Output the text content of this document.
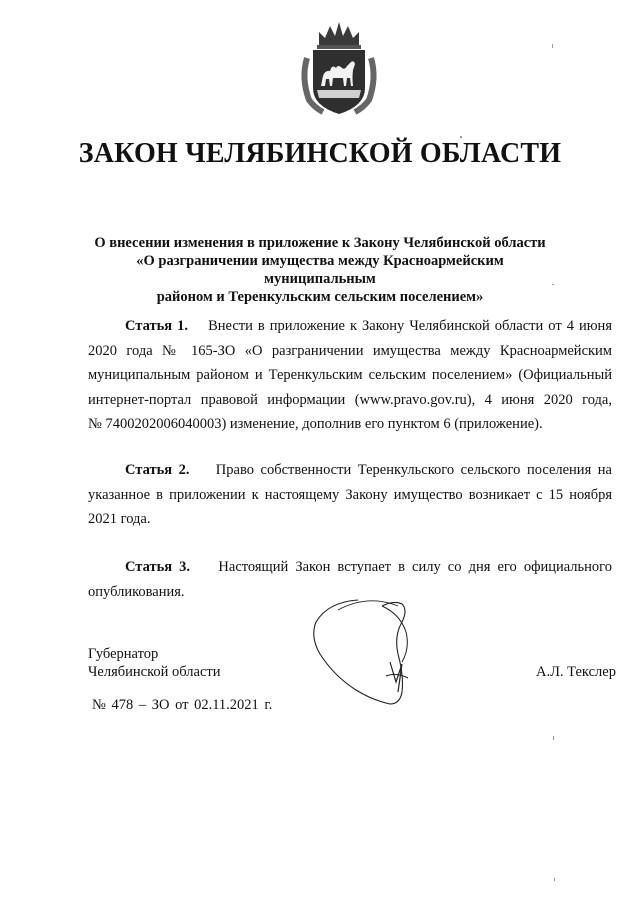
ЗАКОН ЧЕЛЯБИНСКОЙ ОБЛАСТИ
О внесении изменения в приложение к Закону Челябинской области
«О разграничении имущества между Красноармейским муниципальным
районом и Теренкульским сельским поселением»
Статья 1. Внести в приложение к Закону Челябинской области от 4 июня
2020 года № 165-ЗО «О разграничении имущества между Красноармейским
муниципальным районом и Теренкульским сельским поселением» (Официальный
интернет-портал правовой информации (www.pravo.gov.ru), 4 июня 2020 года,
№ 7400202006040003) изменение, дополнив его пунктом 6 (приложение).
Статья 2. Право собственности Теренкульского сельского поселения на
указанное в приложении к настоящему Закону имущество возникает с 15 ноября
2021 года.
Статья 3. Настоящий Закон вступает в силу со дня его официального
опубликования.
Губернатор
Челябинской области	А.Л. Текслер
№ 478 – ЗО от 02.11.2021 г.
